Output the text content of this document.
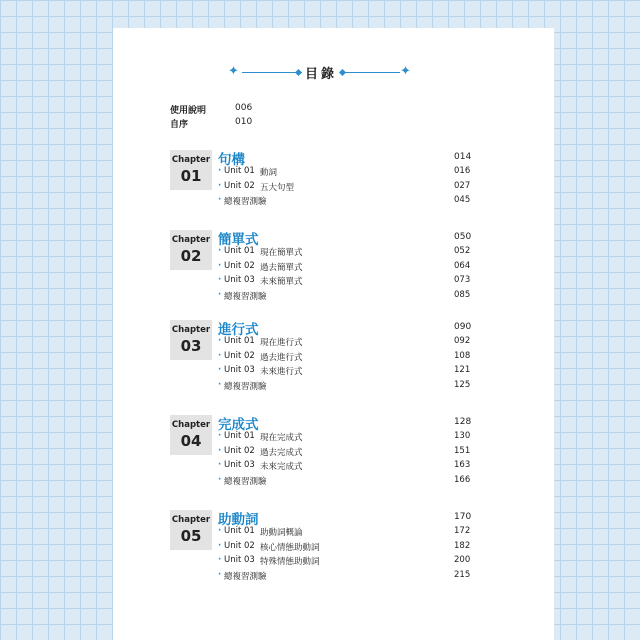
✦	目錄	✦
使用說明	006
自序	010
Chapter
01
句構	014
· Unit 01 動詞	016
· Unit 02 五大句型	027
· 總複習測驗	045
Chapter
02
簡單式	050
· Unit 01 現在簡單式	052
· Unit 02 過去簡單式	064
· Unit 03 未來簡單式	073
· 總複習測驗	085
Chapter
03
進行式	090
· Unit 01 現在進行式	092
· Unit 02 過去進行式	108
· Unit 03 未來進行式	121
· 總複習測驗	125
Chapter
04
完成式	128
· Unit 01 現在完成式	130
· Unit 02 過去完成式	151
· Unit 03 未來完成式	163
· 總複習測驗	166
Chapter
05
助動詞	170
· Unit 01 助動詞概論	172
· Unit 02 核心情態助動詞	182
· Unit 03 特殊情態助動詞	200
· 總複習測驗	215
